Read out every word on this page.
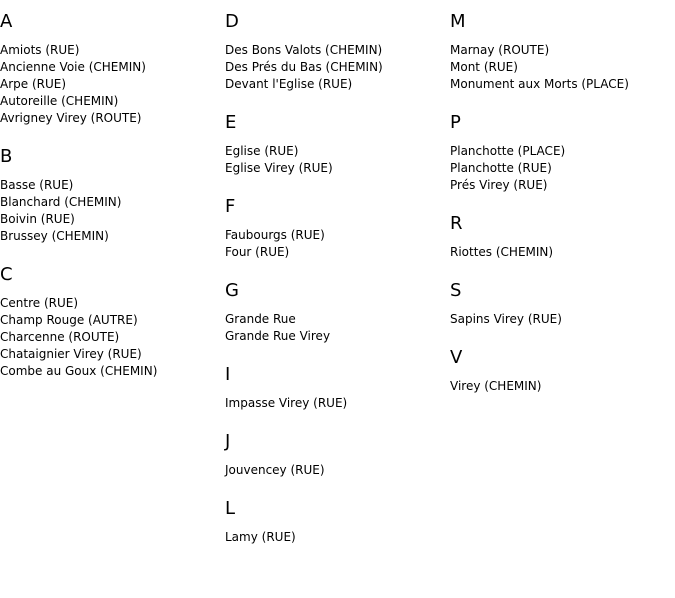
A
Amiots (RUE)
Ancienne Voie (CHEMIN)
Arpe (RUE)
Autoreille (CHEMIN)
Avrigney Virey (ROUTE)
B
Basse (RUE)
Blanchard (CHEMIN)
Boivin (RUE)
Brussey (CHEMIN)
C
Centre (RUE)
Champ Rouge (AUTRE)
Charcenne (ROUTE)
Chataignier Virey (RUE)
Combe au Goux (CHEMIN)
D
Des Bons Valots (CHEMIN)
Des Prés du Bas (CHEMIN)
Devant l'Eglise (RUE)
E
Eglise (RUE)
Eglise Virey (RUE)
F
Faubourgs (RUE)
Four (RUE)
G
Grande Rue
Grande Rue Virey
I
Impasse Virey (RUE)
J
Jouvencey (RUE)
L
Lamy (RUE)
M
Marnay (ROUTE)
Mont (RUE)
Monument aux Morts (PLACE)
P
Planchotte (PLACE)
Planchotte (RUE)
Prés Virey (RUE)
R
Riottes (CHEMIN)
S
Sapins Virey (RUE)
V
Virey (CHEMIN)
